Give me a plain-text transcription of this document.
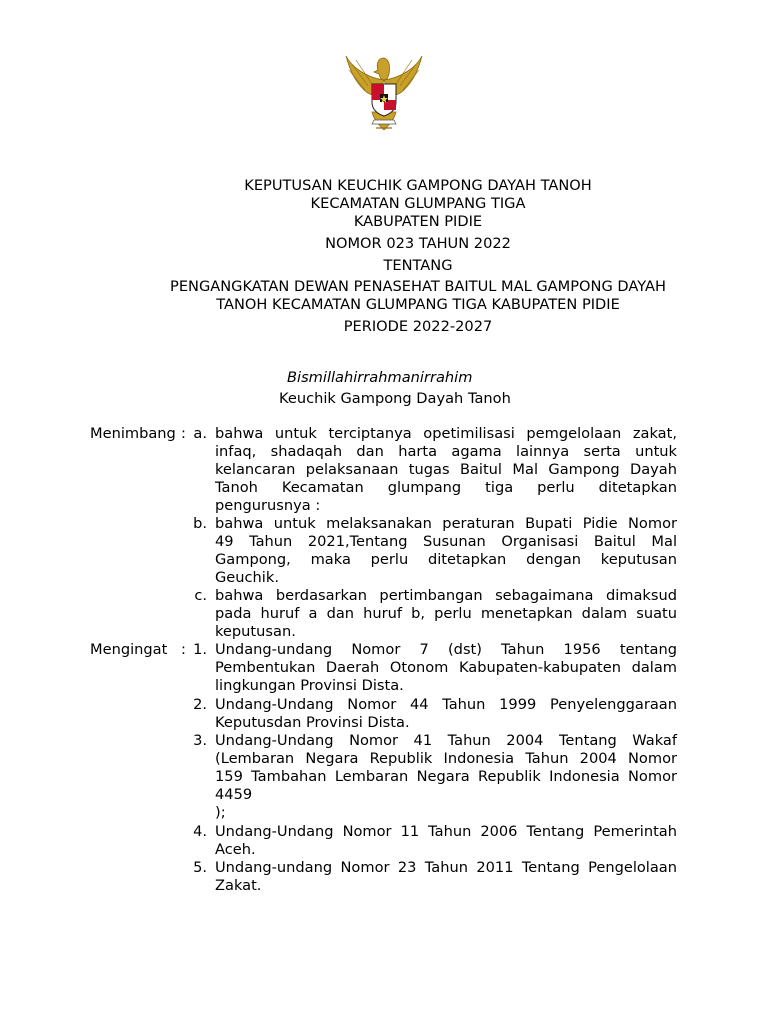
KEPUTUSAN KEUCHIK GAMPONG DAYAH TANOH
KECAMATAN GLUMPANG TIGA
KABUPATEN PIDIE
NOMOR 023 TAHUN 2022
TENTANG
PENGANGKATAN DEWAN PENASEHAT BAITUL MAL GAMPONG DAYAH
TANOH KECAMATAN GLUMPANG TIGA KABUPATEN PIDIE
PERIODE 2022-2027
Bismillahirrahmanirrahim
Keuchik Gampong Dayah Tanoh
Menimbang : a. bahwa untuk terciptanya opetimilisasi pemgelolaan zakat,
infaq, shadaqah dan harta agama lainnya serta untuk
kelancaran pelaksanaan tugas Baitul Mal Gampong Dayah
Tanoh Kecamatan glumpang tiga perlu ditetapkan
pengurusnya :
b. bahwa untuk melaksanakan peraturan Bupati Pidie Nomor
49 Tahun 2021,Tentang Susunan Organisasi Baitul Mal
Gampong, maka perlu ditetapkan dengan keputusan
Geuchik.
c. bahwa berdasarkan pertimbangan sebagaimana dimaksud
pada huruf a dan huruf b, perlu menetapkan dalam suatu
keputusan.
Mengingat : 1. Undang-undang Nomor 7 (dst) Tahun 1956 tentang
Pembentukan Daerah Otonom Kabupaten-kabupaten dalam
lingkungan Provinsi Dista.
2. Undang-Undang Nomor 44 Tahun 1999 Penyelenggaraan
Keputusdan Provinsi Dista.
3. Undang-Undang Nomor 41 Tahun 2004 Tentang Wakaf
(Lembaran Negara Republik Indonesia Tahun 2004 Nomor
159 Tambahan Lembaran Negara Republik Indonesia Nomor
4459
);
4. Undang-Undang Nomor 11 Tahun 2006 Tentang Pemerintah
Aceh.
5. Undang-undang Nomor 23 Tahun 2011 Tentang Pengelolaan
Zakat.
